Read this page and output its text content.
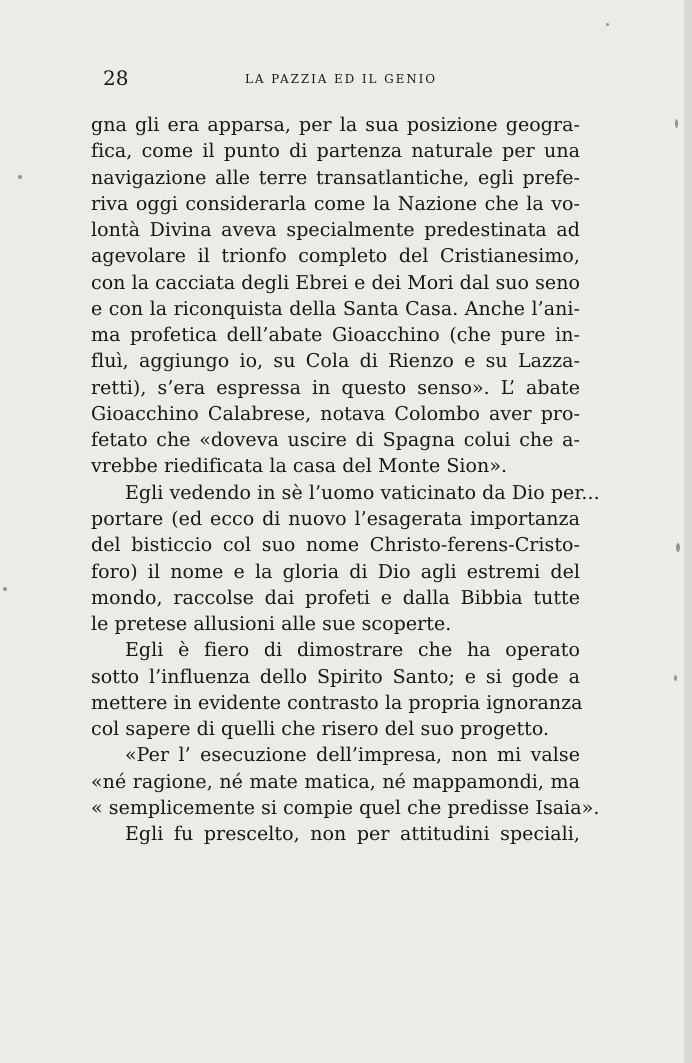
28	LA PAZZIA ED IL GENIO
gna gli era apparsa, per la sua posizione geogra-
fica, come il punto di partenza naturale per una
navigazione alle terre transatlantiche, egli prefe-
riva oggi considerarla come la Nazione che la vo-
lontà Divina aveva specialmente predestinata ad
agevolare il trionfo completo del Cristianesimo,
con la cacciata degli Ebrei e dei Mori dal suo seno
e con la riconquista della Santa Casa. Anche l’ani-
ma profetica dell’abate Gioacchino (che pure in-
fluì, aggiungo io, su Cola di Rienzo e su Lazza-
retti), s’era espressa in questo senso». L’ abate
Gioacchino Calabrese, notava Colombo aver pro-
fetato che «doveva uscire di Spagna colui che a-
vrebbe riedificata la casa del Monte Sion».
Egli vedendo in sè l’uomo vaticinato da Dio per...
portare (ed ecco di nuovo l’esagerata importanza
del bisticcio col suo nome Christo-ferens-Cristo-
foro) il nome e la gloria di Dio agli estremi del
mondo, raccolse dai profeti e dalla Bibbia tutte
le pretese allusioni alle sue scoperte.
Egli è fiero di dimostrare che ha operato
sotto l’influenza dello Spirito Santo; e si gode a
mettere in evidente contrasto la propria ignoranza
col sapere di quelli che risero del suo progetto.
«Per l’ esecuzione dell’impresa, non mi valse
«né ragione, né mate matica, né mappamondi, ma
« semplicemente si compie quel che predisse Isaia».
Egli fu prescelto, non per attitudini speciali,
